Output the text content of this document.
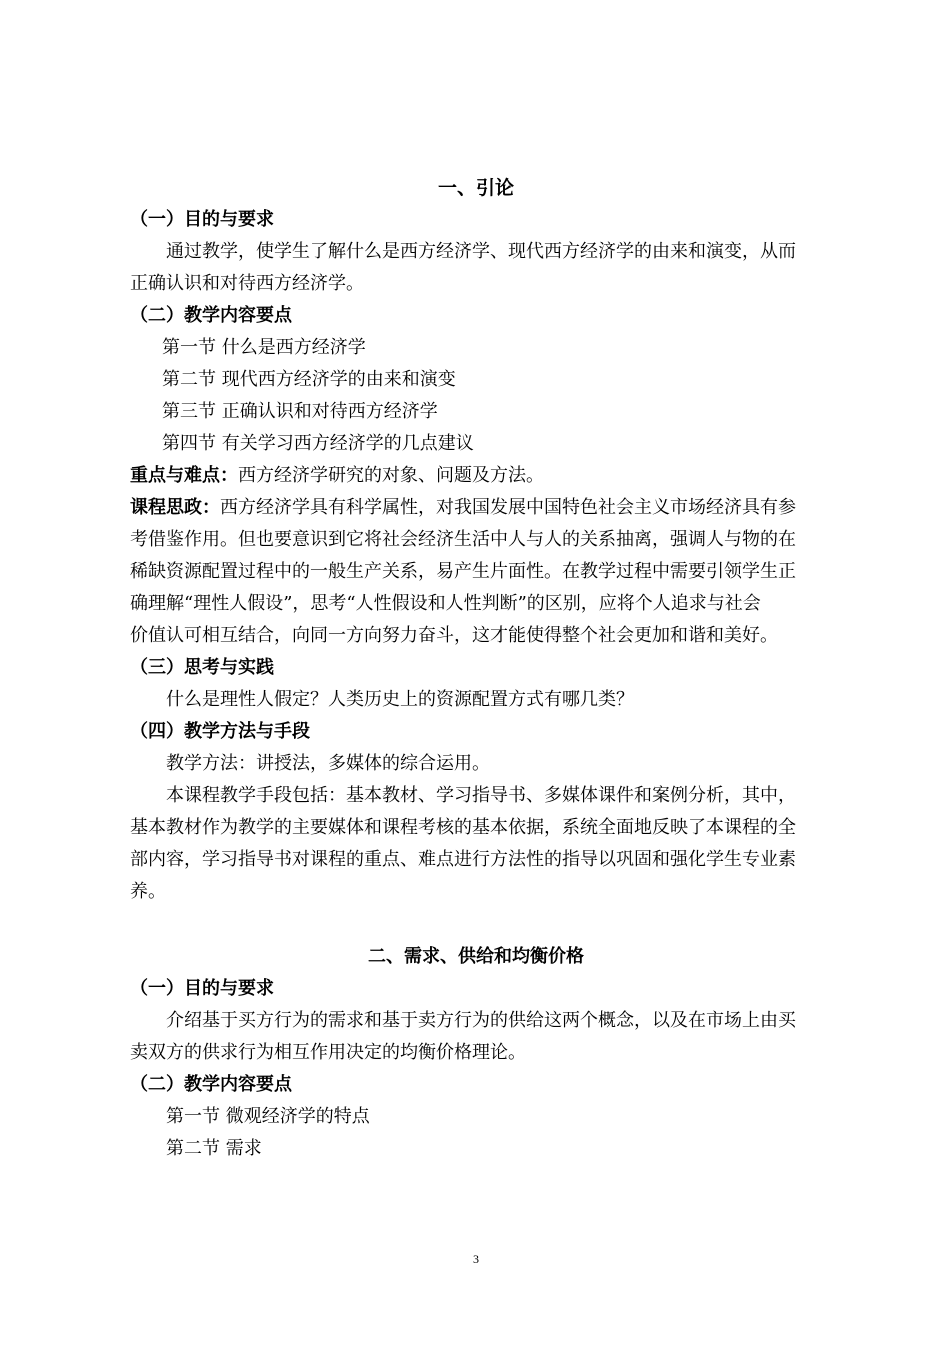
一、引论
（一）目的与要求
通过教学，使学生了解什么是西方经济学、现代西方经济学的由来和演变，从而
正确认识和对待西方经济学。
（二）教学内容要点
第一节 什么是西方经济学
第二节 现代西方经济学的由来和演变
第三节 正确认识和对待西方经济学
第四节 有关学习西方经济学的几点建议
重点与难点：西方经济学研究的对象、问题及方法。
课程思政：西方经济学具有科学属性，对我国发展中国特色社会主义市场经济具有参
考借鉴作用。但也要意识到它将社会经济生活中人与人的关系抽离，强调人与物的在
稀缺资源配置过程中的一般生产关系，易产生片面性。在教学过程中需要引领学生正
确理解“理性人假设”，思考“人性假设和人性判断”的区别，应将个人追求与社会
价值认可相互结合，向同一方向努力奋斗，这才能使得整个社会更加和谐和美好。
（三）思考与实践
什么是理性人假定？人类历史上的资源配置方式有哪几类？
（四）教学方法与手段
教学方法：讲授法，多媒体的综合运用。
本课程教学手段包括：基本教材、学习指导书、多媒体课件和案例分析，其中，
基本教材作为教学的主要媒体和课程考核的基本依据，系统全面地反映了本课程的全
部内容，学习指导书对课程的重点、难点进行方法性的指导以巩固和强化学生专业素
养。
二、需求、供给和均衡价格
（一）目的与要求
介绍基于买方行为的需求和基于卖方行为的供给这两个概念，以及在市场上由买
卖双方的供求行为相互作用决定的均衡价格理论。
（二）教学内容要点
第一节 微观经济学的特点
第二节 需求
3
